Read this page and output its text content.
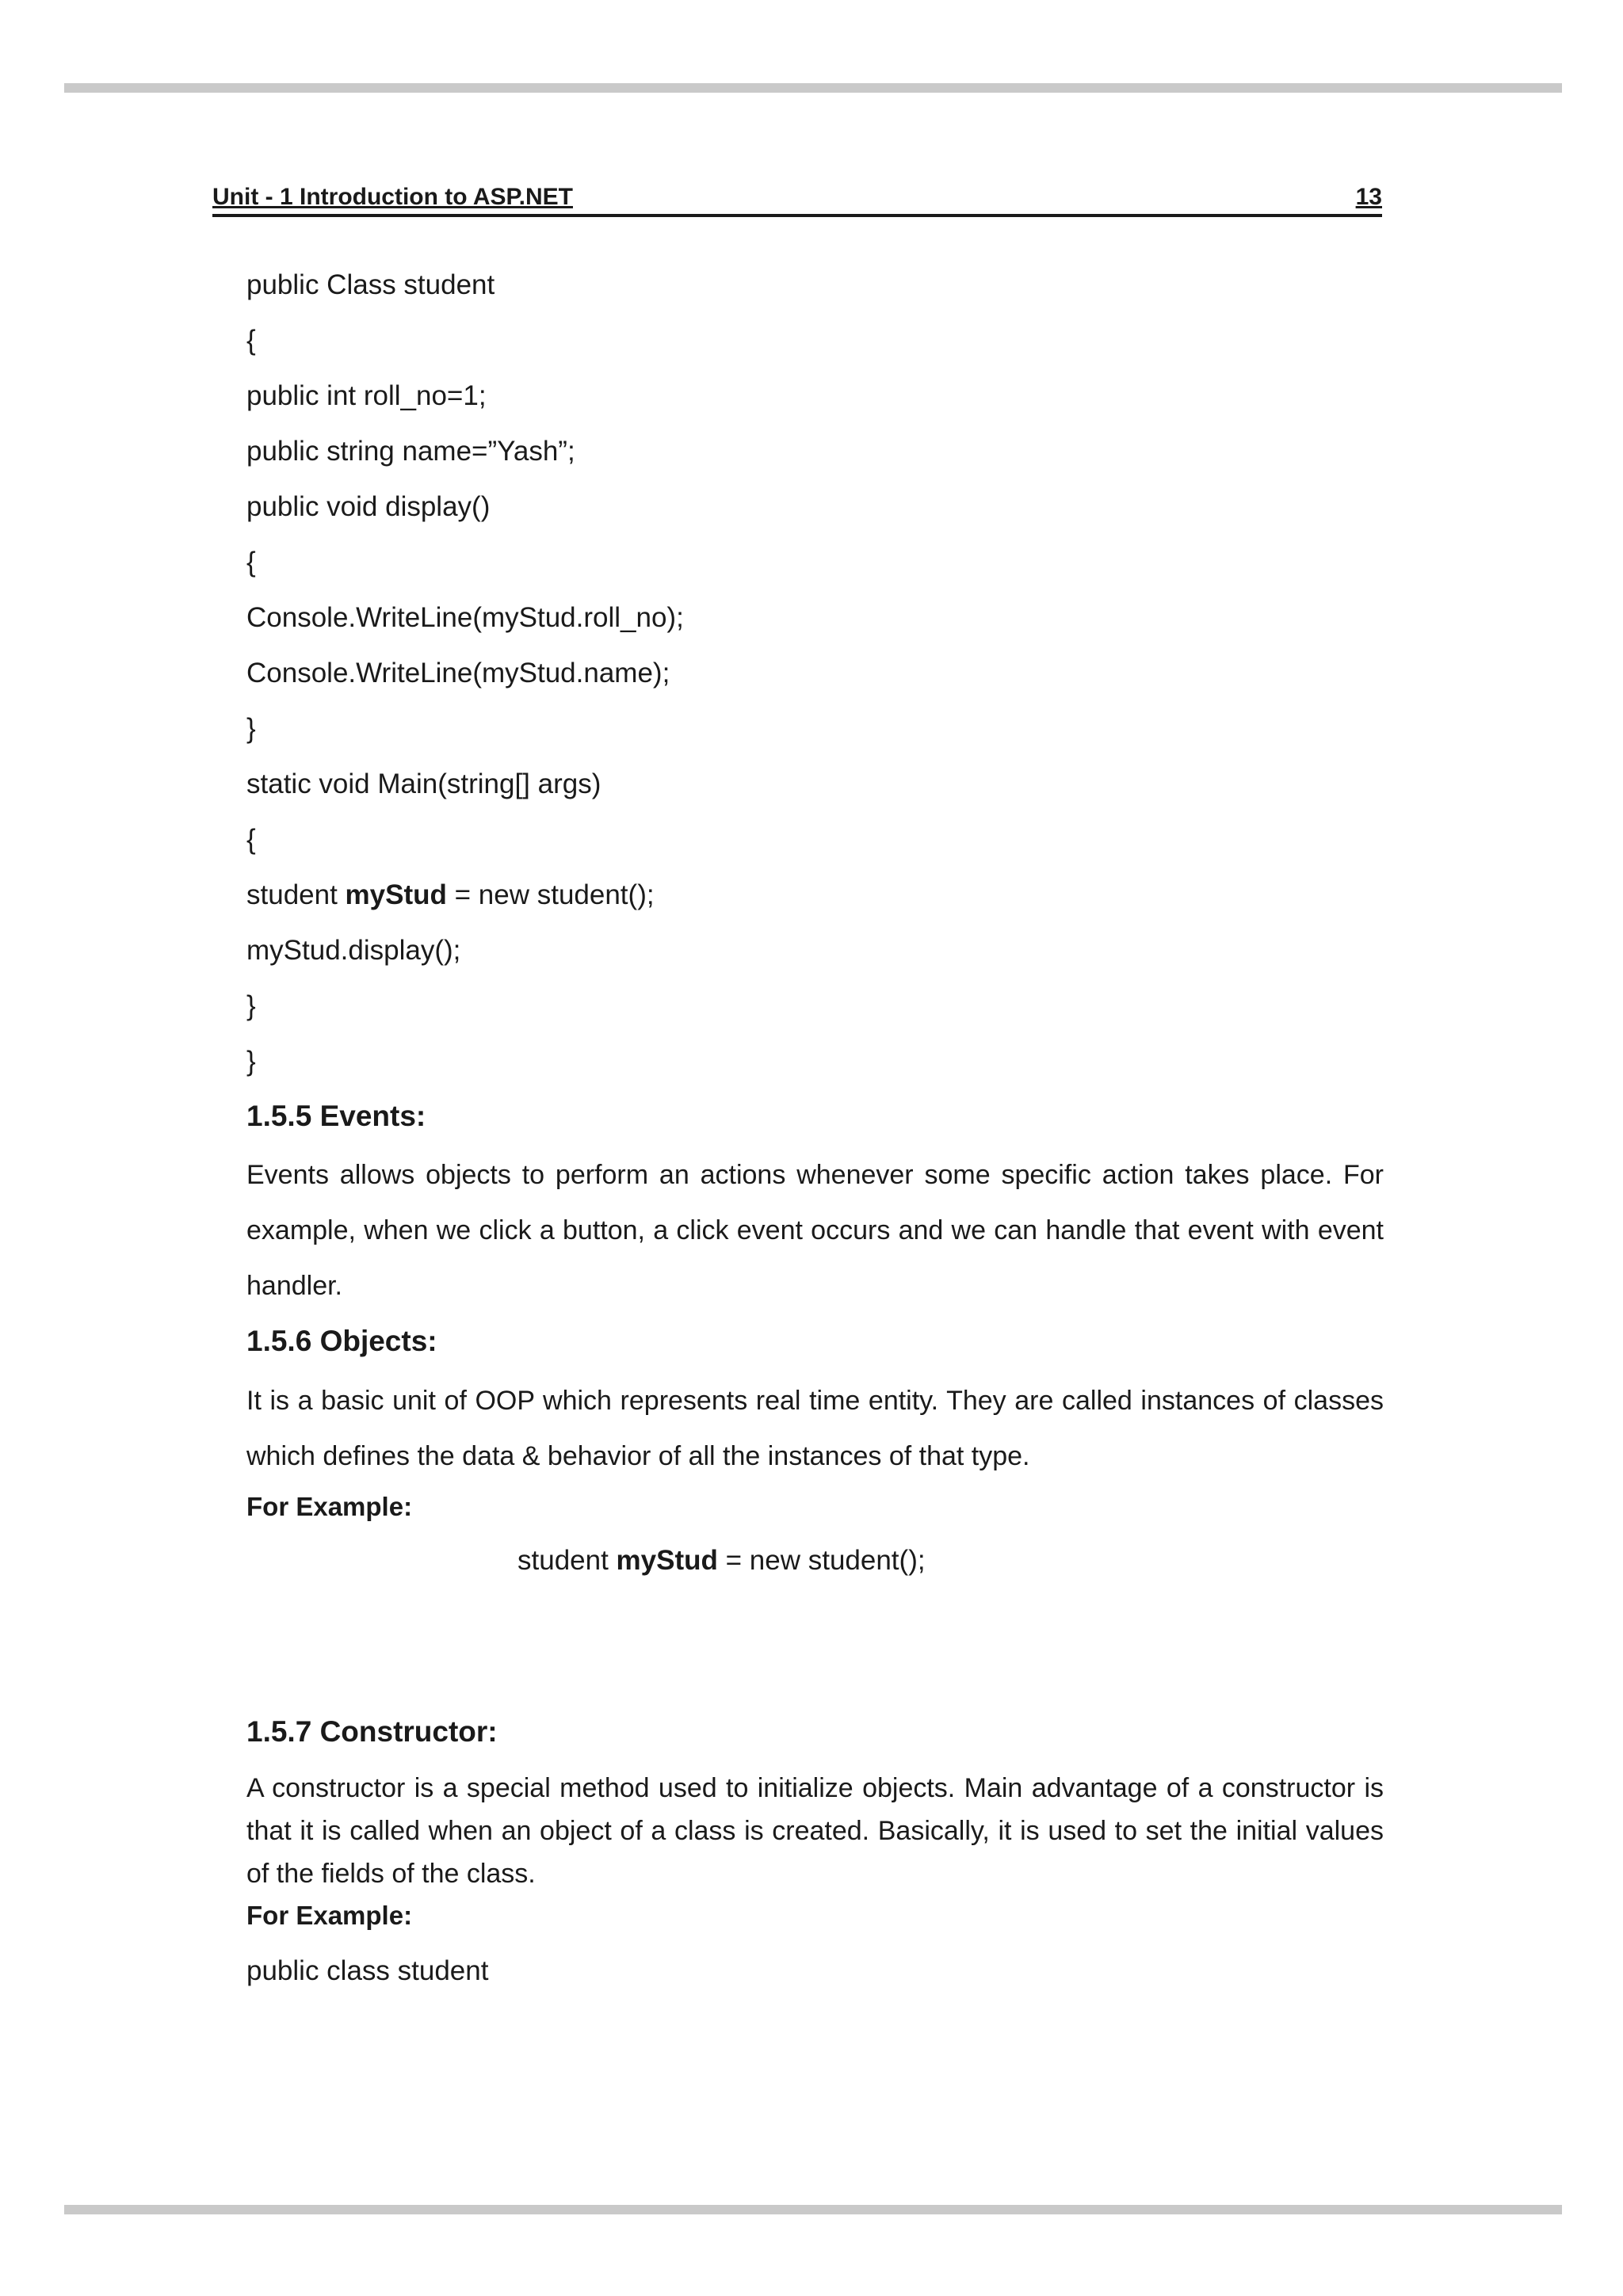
Unit - 1 Introduction to ASP.NET	13
public Class student
{
public int roll_no=1;
public string name=”Yash”;
public void display()
{
Console.WriteLine(myStud.roll_no);
Console.WriteLine(myStud.name);
}
static void Main(string[] args)
{
student myStud = new student();
myStud.display();
}
}
1.5.5 Events:
Events allows objects to perform an actions whenever some specific action takes place. For example, when we click a button, a click event occurs and we can handle that event with event handler.
1.5.6 Objects:
It is a basic unit of OOP which represents real time entity. They are called instances of classes which defines the data & behavior of all the instances of that type.
For Example:
student myStud = new student();
1.5.7 Constructor:
A constructor is a special method used to initialize objects. Main advantage of a constructor is that it is called when an object of a class is created. Basically, it is used to set the initial values of the fields of the class.
For Example:
public class student
